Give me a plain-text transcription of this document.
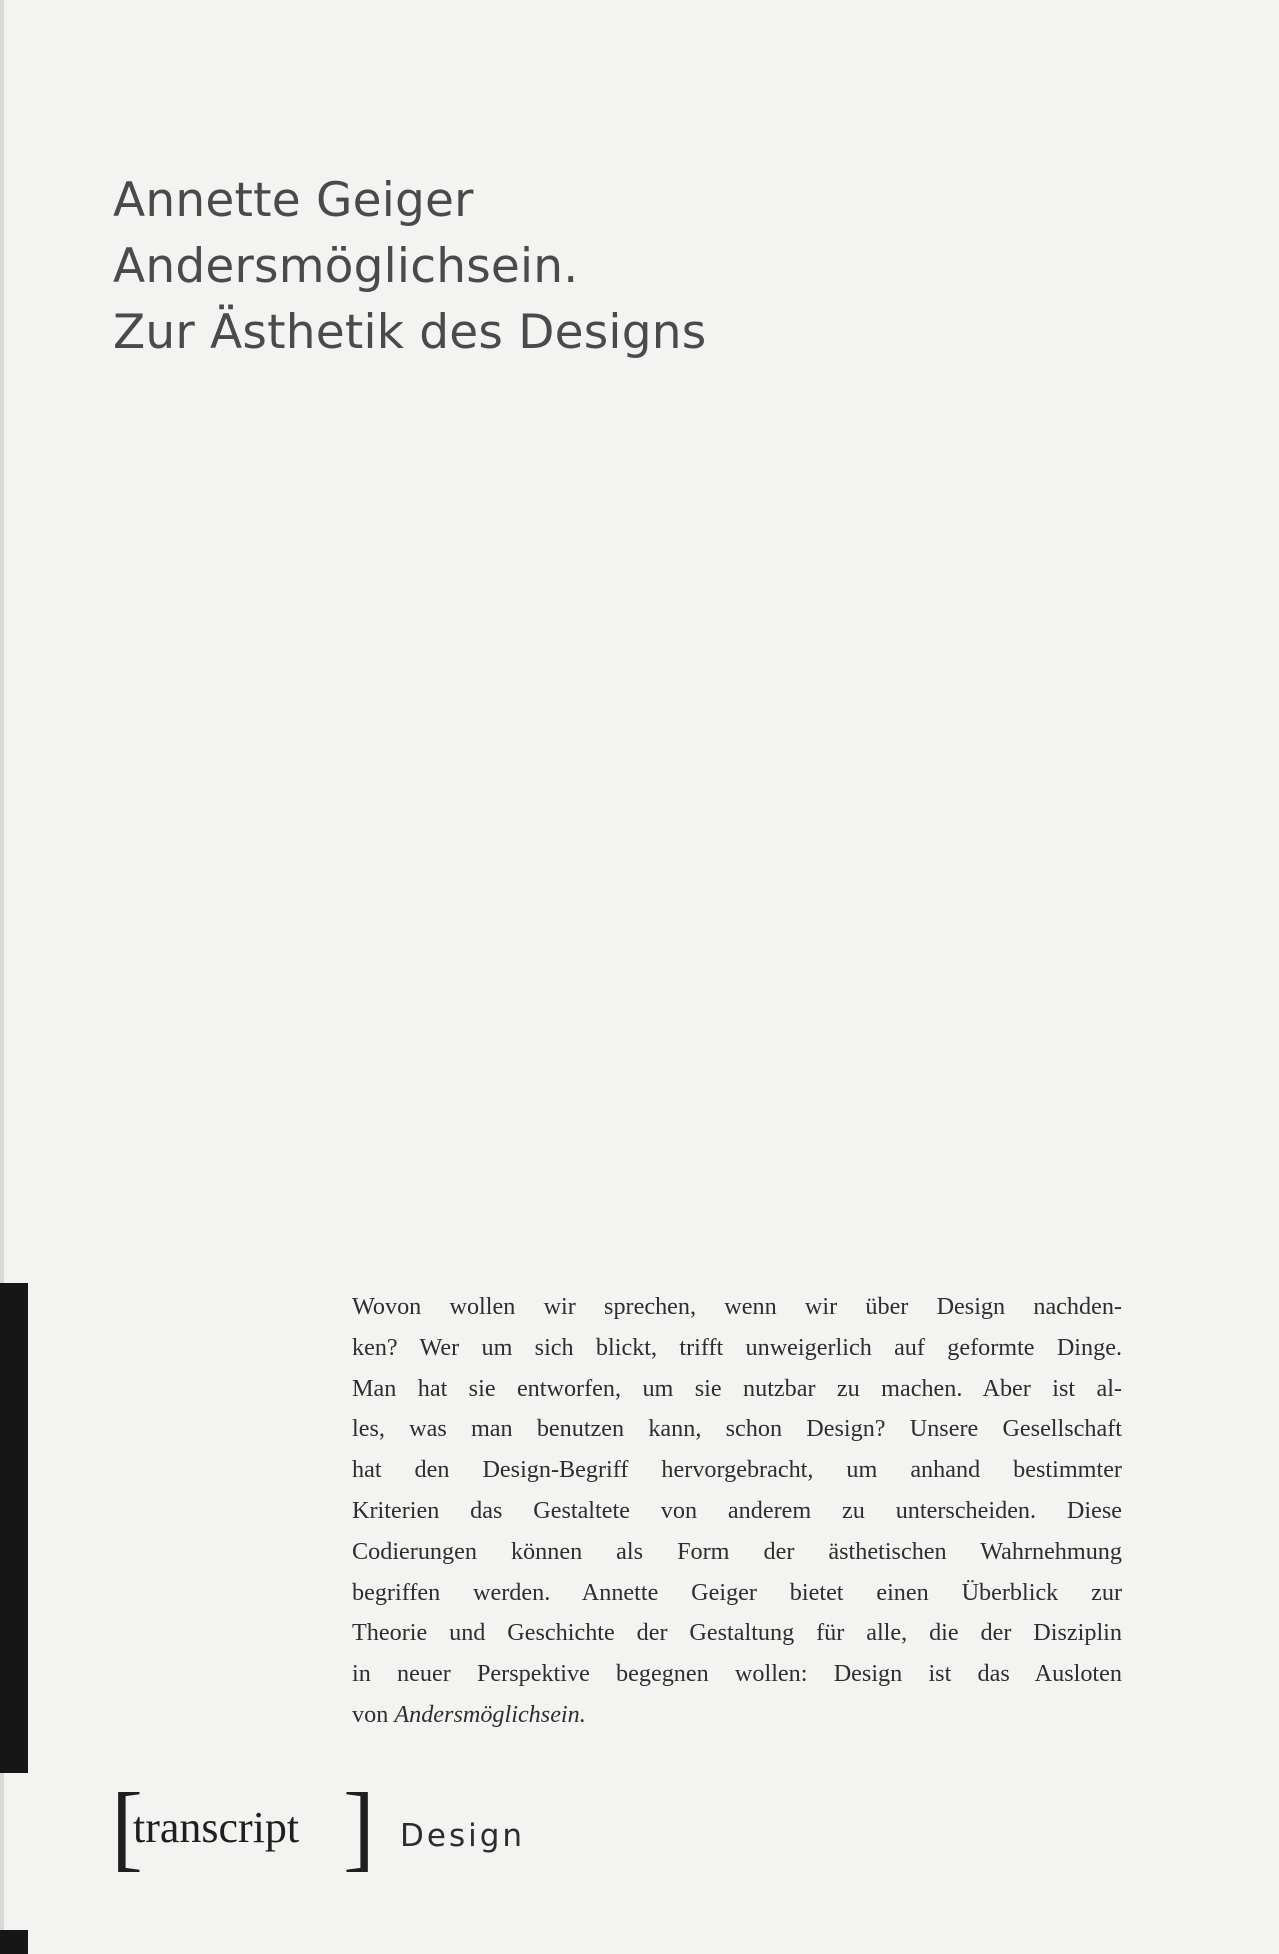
Annette Geiger
Andersmöglichsein.
Zur Ästhetik des Designs
Wovon wollen wir sprechen, wenn wir über Design nachden-
ken? Wer um sich blickt, trifft unweigerlich auf geformte Dinge.
Man hat sie entworfen, um sie nutzbar zu machen. Aber ist al-
les, was man benutzen kann, schon Design? Unsere Gesellschaft
hat den Design-Begriff hervorgebracht, um anhand bestimmter
Kriterien das Gestaltete von anderem zu unterscheiden. Diese
Codierungen können als Form der ästhetischen Wahrnehmung
begriffen werden. Annette Geiger bietet einen Überblick zur
Theorie und Geschichte der Gestaltung für alle, die der Disziplin
in neuer Perspektive begegnen wollen: Design ist das Ausloten
von Andersmöglichsein.
[
transcript ] Design
